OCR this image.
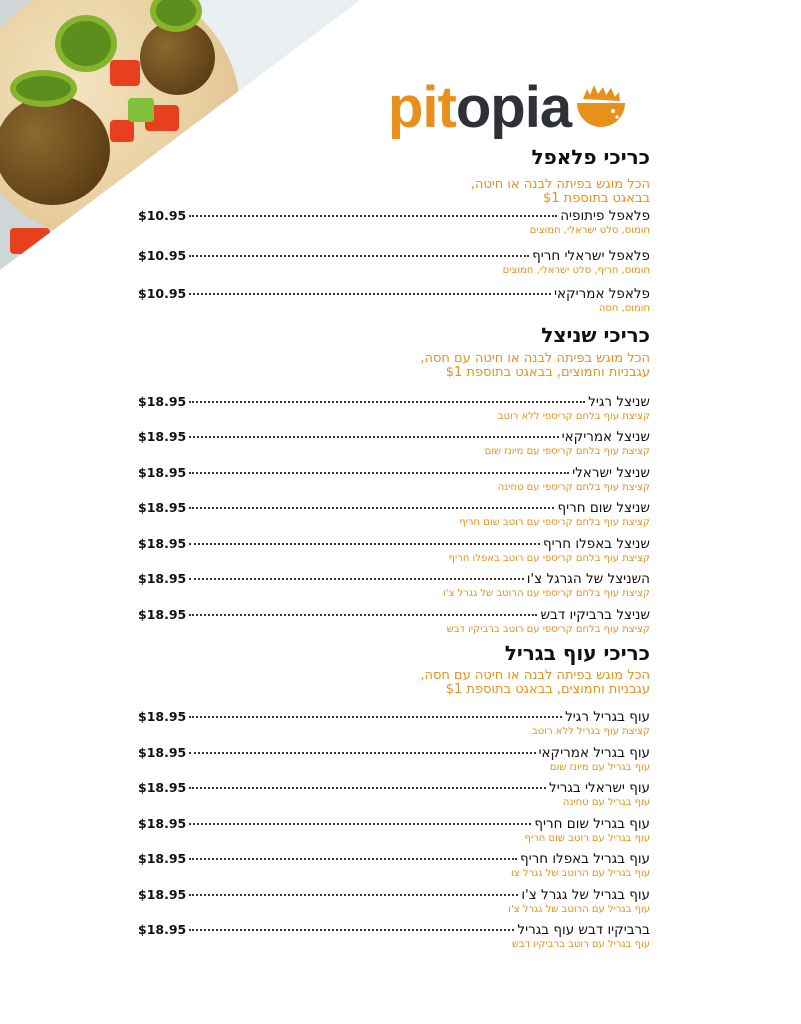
pit opia
כריכי פלאפל
הכל מוגש בפיתה לבנה או חיטה,
בבאגט בתוספת $1
פלאפל פיתופיה
$10.95
חומוס, סלט ישראלי, חמוצים
פלאפל ישראלי חריף
$10.95
חומוס, חריף, סלט ישראלי, חמוצים
פלאפל אמריקאי
$10.95
חומוס, חסה
כריכי שניצל
הכל מוגש בפיתה לבנה או חיטה עם חסה,
עגבניות וחמוצים, בבאגט בתוספת $1
שניצל רגיל
$18.95
קציצת עוף בלחם קריספי ללא רוטב
שניצל אמריקאי
$18.95
קציצת עוף בלחם קריספי עם מיונז שום
שניצל ישראלי
$18.95
קציצת עוף בלחם קריספי עם טחינה
שניצל שום חריף
$18.95
קציצת עוף בלחם קריספי עם רוטב שום חריף
שניצל באפלו חריף
$18.95
קציצת עוף בלחם קריספי עם רוטב באפלו חריף
השניצל של הגרגל צ'ו
$18.95
קציצת עוף בלחם קריספי עם הרוטב של גגרל צ'ו
שניצל ברביקיו דבש
$18.95
קציצת עוף בלחם קריספי עם רוטב ברביקיו דבש
כריכי עוף בגריל
הכל מוגש בפיתה לבנה או חיטה עם חסה,
עגבניות וחמוצים, בבאגט בתוספת $1
עוף בגריל רגיל
$18.95
קציצת עוף בגריל ללא רוטב
עוף בגריל אמריקאי
$18.95
עוף בגריל עם מיונז שום
עוף ישראלי בגריל
$18.95
עוף בגריל עם טחינה
עוף בגריל שום חריף
$18.95
עוף בגריל עם רוטב שום חריף
עוף בגריל באפלו חריף
$18.95
עוף בגריל עם הרוטב של גגרל צו
עוף בגריל של גגרל צ'ו
$18.95
עוף בגריל עם הרוטב של גגרל צ'ו
ברביקיו דבש עוף בגריל
$18.95
עוף בגריל עם רוטב ברביקיו דבש
